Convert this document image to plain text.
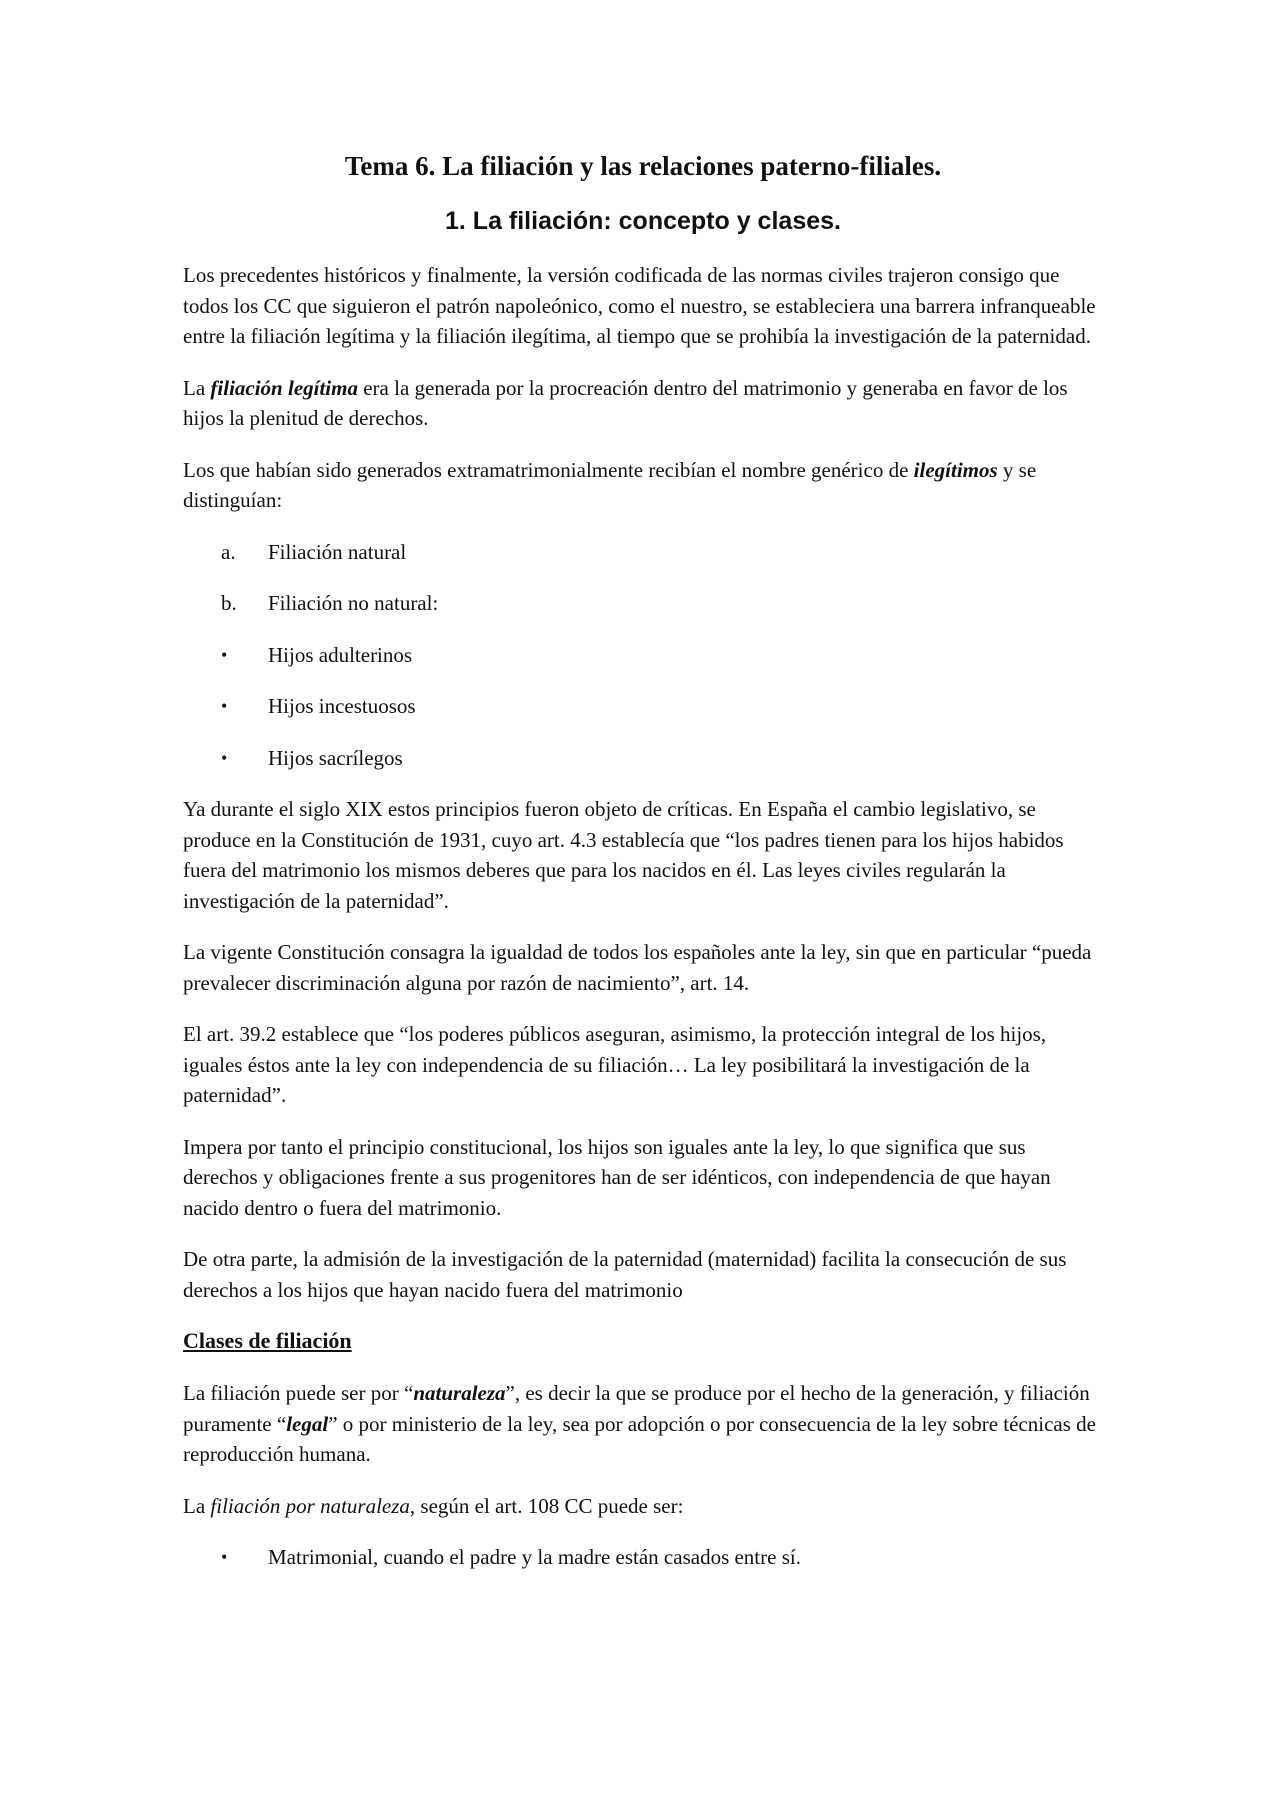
Tema 6. La filiación y las relaciones paterno-filiales.
1. La filiación: concepto y clases.

Los precedentes históricos y finalmente, la versión codificada de las normas civiles trajeron consigo que todos los CC que siguieron el patrón napoleónico, como el nuestro, se estableciera una barrera infranqueable entre la filiación legítima y la filiación ilegítima, al tiempo que se prohibía la investigación de la paternidad.

La filiación legítima era la generada por la procreación dentro del matrimonio y generaba en favor de los hijos la plenitud de derechos.

Los que habían sido generados extramatrimonialmente recibían el nombre genérico de ilegítimos y se distinguían:

a.	Filiación natural
b.	Filiación no natural:
•	Hijos adulterinos
•	Hijos incestuosos
•	Hijos sacrílegos

Ya durante el siglo XIX estos principios fueron objeto de críticas. En España el cambio legislativo, se produce en la Constitución de 1931, cuyo art. 4.3 establecía que “los padres tienen para los hijos habidos fuera del matrimonio los mismos deberes que para los nacidos en él. Las leyes civiles regularán la investigación de la paternidad”.

La vigente Constitución consagra la igualdad de todos los españoles ante la ley, sin que en particular “pueda prevalecer discriminación alguna por razón de nacimiento”, art. 14.

El art. 39.2 establece que “los poderes públicos aseguran, asimismo, la protección integral de los hijos, iguales éstos ante la ley con independencia de su filiación… La ley posibilitará la investigación de la paternidad”.

Impera por tanto el principio constitucional, los hijos son iguales ante la ley, lo que significa que sus derechos y obligaciones frente a sus progenitores han de ser idénticos, con independencia de que hayan nacido dentro o fuera del matrimonio.

De otra parte, la admisión de la investigación de la paternidad (maternidad) facilita la consecución de sus derechos a los hijos que hayan nacido fuera del matrimonio

Clases de filiación

La filiación puede ser por “naturaleza”, es decir la que se produce por el hecho de la generación, y filiación puramente “legal” o por ministerio de la ley, sea por adopción o por consecuencia de la ley sobre técnicas de reproducción humana.

La filiación por naturaleza, según el art. 108 CC puede ser:

•	Matrimonial, cuando el padre y la madre están casados entre sí.
